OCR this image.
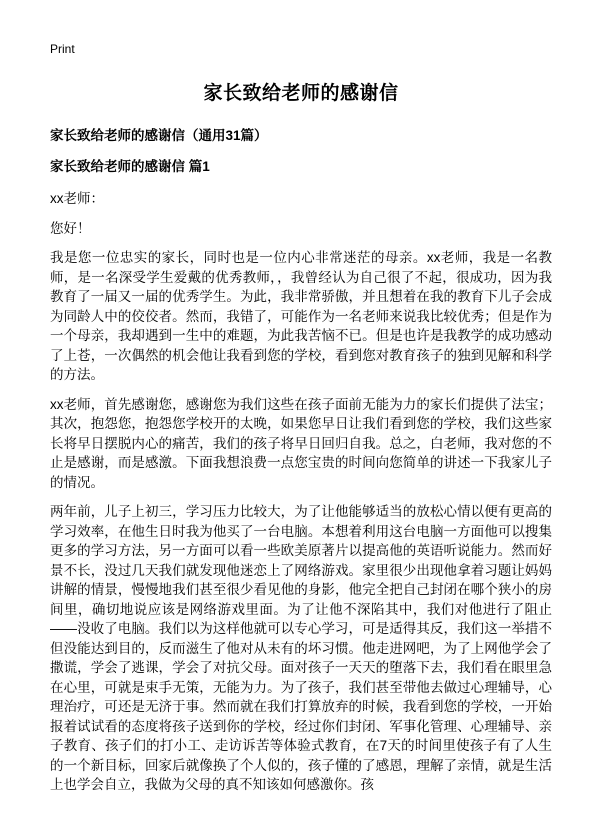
Print
家长致给老师的感谢信
家长致给老师的感谢信（通用31篇）
家长致给老师的感谢信 篇1
xx老师：
您好！

我是您一位忠实的家长，同时也是一位内心非常迷茫的母亲。xx老师，我是一名教师，是一名深受学生爱戴的优秀教师，，我曾经认为自己很了不起，很成功，因为我教育了一届又一届的优秀学生。为此，我非常骄傲，并且想着在我的教育下儿子会成为同龄人中的佼佼者。然而，我错了，可能作为一名老师来说我比较优秀；但是作为一个母亲，我却遇到一生中的难题，为此我苦恼不已。但是也许是我教学的成功感动了上苍，一次偶然的机会他让我看到您的学校，看到您对教育孩子的独到见解和科学的方法。

xx老师，首先感谢您，感谢您为我们这些在孩子面前无能为力的家长们提供了法宝；其次，抱怨您，抱怨您学校开的太晚，如果您早日让我们看到您的学校，我们这些家长将早日摆脱内心的痛苦，我们的孩子将早日回归自我。总之，白老师，我对您的不止是感谢，而是感激。下面我想浪费一点您宝贵的时间向您简单的讲述一下我家儿子的情况。

两年前，儿子上初三，学习压力比较大，为了让他能够适当的放松心情以便有更高的学习效率，在他生日时我为他买了一台电脑。本想着利用这台电脑一方面他可以搜集更多的学习方法，另一方面可以看一些欧美原著片以提高他的英语听说能力。然而好景不长，没过几天我们就发现他迷恋上了网络游戏。家里很少出现他拿着习题让妈妈讲解的情景，慢慢地我们甚至很少看见他的身影，他完全把自己封闭在哪个狭小的房间里，确切地说应该是网络游戏里面。为了让他不深陷其中，我们对他进行了阻止——没收了电脑。我们以为这样他就可以专心学习，可是适得其反，我们这一举措不但没能达到目的，反而滋生了他对从未有的坏习惯。他走进网吧，为了上网他学会了撒谎，学会了逃课，学会了对抗父母。面对孩子一天天的堕落下去，我们看在眼里急在心里，可就是束手无策，无能为力。为了孩子，我们甚至带他去做过心理辅导，心理治疗，可还是无济于事。然而就在我们打算放弃的时候，我看到您的学校，一开始报着试试看的态度将孩子送到你的学校，经过你们封闭、军事化管理、心理辅导、亲子教育、孩子们的打小工、走访诉苦等体验式教育，在7天的时间里使孩子有了人生的一个新目标，回家后就像换了个人似的，孩子懂的了感恩，理解了亲情，就是生活上也学会自立，我做为父母的真不知该如何感激你。孩
